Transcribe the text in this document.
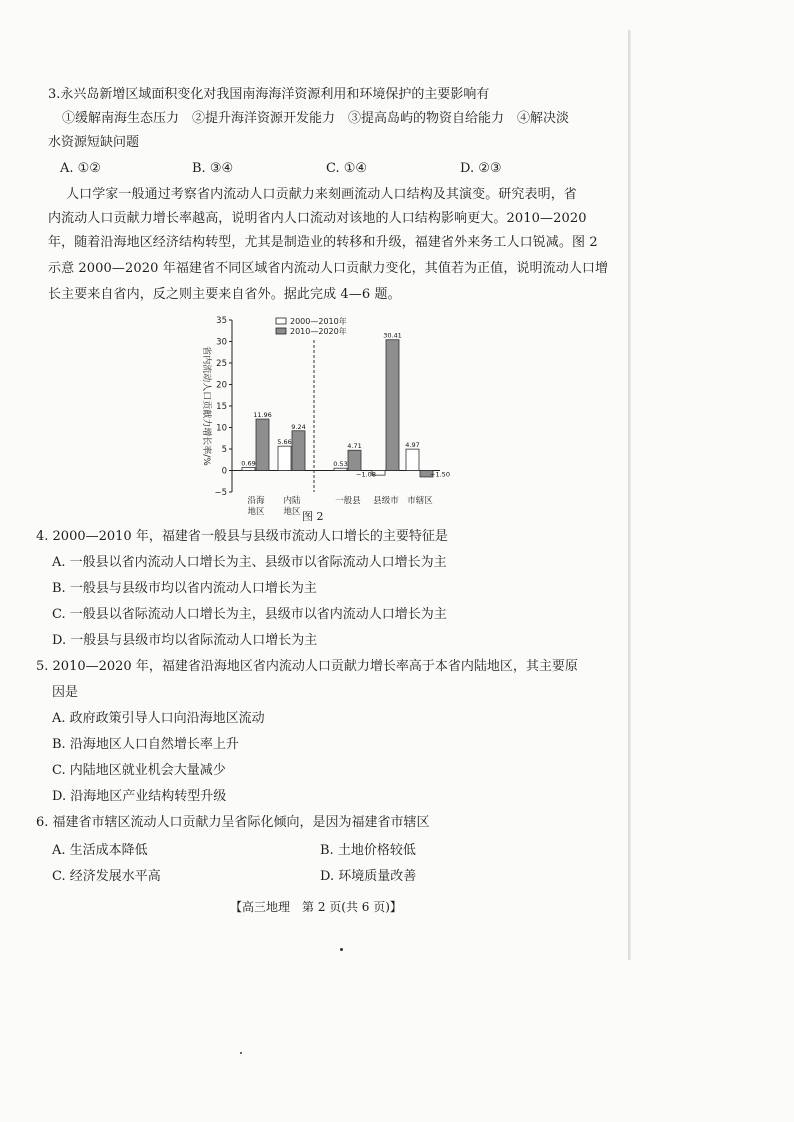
3.永兴岛新增区域面积变化对我国南海海洋资源利用和环境保护的主要影响有
①缓解南海生态压力　②提升海洋资源开发能力　③提高岛屿的物资自给能力　④解决淡
水资源短缺问题
A. ①②	B. ③④	C. ①④	D. ②③
人口学家一般通过考察省内流动人口贡献力来刻画流动人口结构及其演变。研究表明，省
内流动人口贡献力增长率越高，说明省内人口流动对该地的人口结构影响更大。2010—2020
年，随着沿海地区经济结构转型，尤其是制造业的转移和升级，福建省外来务工人口锐减。图 2
示意 2000—2020 年福建省不同区域省内流动人口贡献力变化，其值若为正值，说明流动人口增
长主要来自省内，反之则主要来自省外。据此完成 4—6 题。
省内流动人口贡献力增长率/%
35
30
25
20
15
10
5
0
−5
0.69
11.96
沿海
地区
5.66
9.24
内陆
地区
0.53
4.71
一般县
−1.08
30.41
县级市
4.97
−1.50
市辖区
2000—2010年
2010—2020年
图 2
4. 2000—2010 年，福建省一般县与县级市流动人口增长的主要特征是
A. 一般县以省内流动人口增长为主、县级市以省际流动人口增长为主
B. 一般县与县级市均以省内流动人口增长为主
C. 一般县以省际流动人口增长为主，县级市以省内流动人口增长为主
D. 一般县与县级市均以省际流动人口增长为主
5. 2010—2020 年，福建省沿海地区省内流动人口贡献力增长率高于本省内陆地区，其主要原
因是
A. 政府政策引导人口向沿海地区流动
B. 沿海地区人口自然增长率上升
C. 内陆地区就业机会大量减少
D. 沿海地区产业结构转型升级
6. 福建省市辖区流动人口贡献力呈省际化倾向，是因为福建省市辖区
A. 生活成本降低	B. 土地价格较低
C. 经济发展水平高	D. 环境质量改善
【高三地理　第 2 页(共 6 页)】
